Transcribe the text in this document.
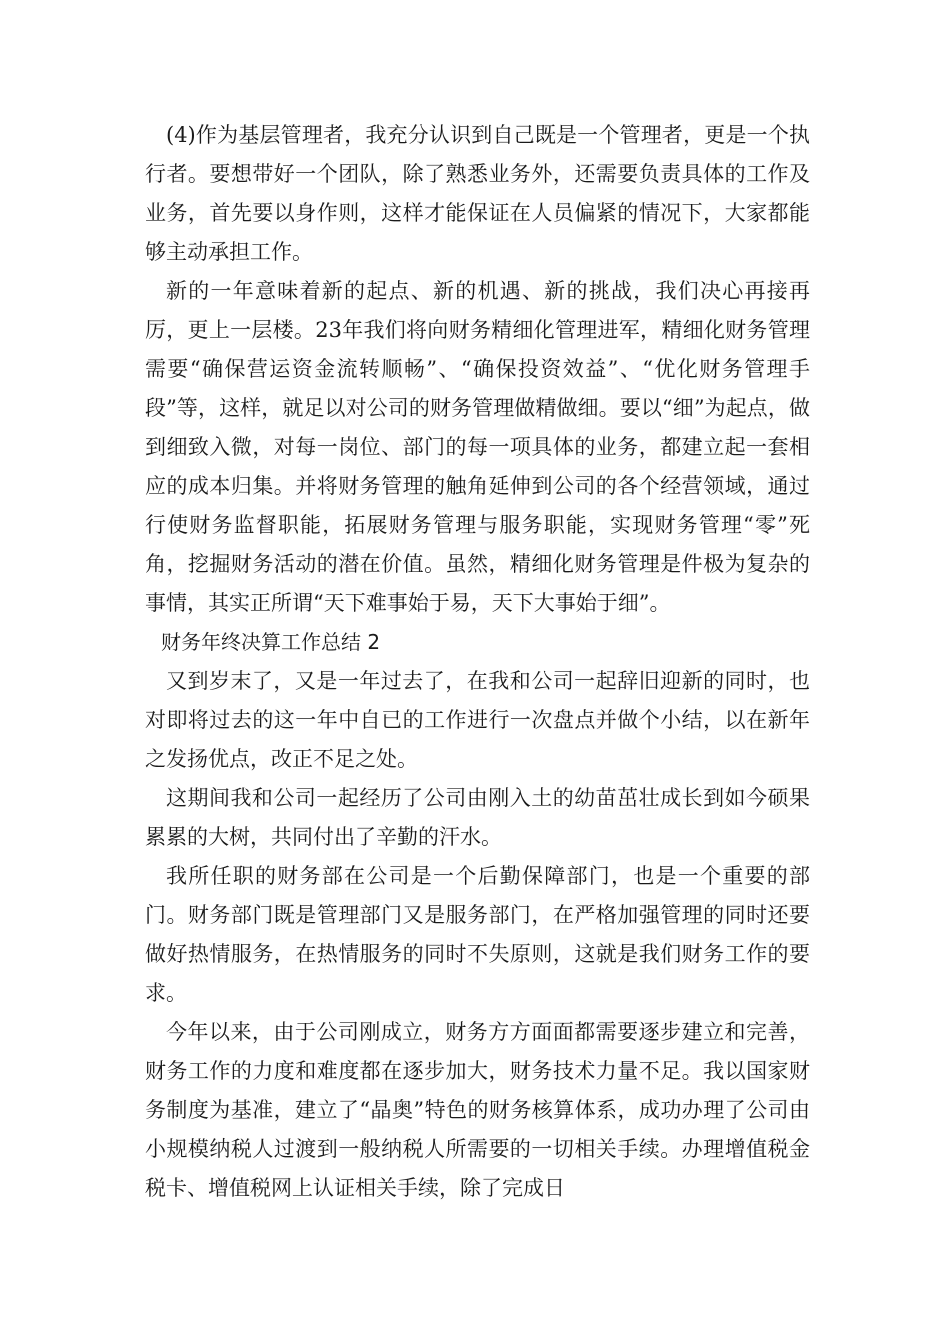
(4)作为基层管理者，我充分认识到自己既是一个管理者，更是一个执行者。要想带好一个团队，除了熟悉业务外，还需要负责具体的工作及业务，首先要以身作则，这样才能保证在人员偏紧的情况下，大家都能够主动承担工作。

新的一年意味着新的起点、新的机遇、新的挑战，我们决心再接再厉，更上一层楼。23年我们将向财务精细化管理进军，精细化财务管理需要“确保营运资金流转顺畅”、“确保投资效益”、“优化财务管理手段”等，这样，就足以对公司的财务管理做精做细。要以“细”为起点，做到细致入微，对每一岗位、部门的每一项具体的业务，都建立起一套相应的成本归集。并将财务管理的触角延伸到公司的各个经营领域，通过行使财务监督职能，拓展财务管理与服务职能，实现财务管理“零”死角，挖掘财务活动的潜在价值。虽然，精细化财务管理是件极为复杂的事情，其实正所谓“天下难事始于易，天下大事始于细”。

财务年终决算工作总结 2

又到岁末了，又是一年过去了，在我和公司一起辞旧迎新的同时，也对即将过去的这一年中自已的工作进行一次盘点并做个小结，以在新年之发扬优点，改正不足之处。

这期间我和公司一起经历了公司由刚入土的幼苗茁壮成长到如今硕果累累的大树，共同付出了辛勤的汗水。

我所任职的财务部在公司是一个后勤保障部门，也是一个重要的部门。财务部门既是管理部门又是服务部门，在严格加强管理的同时还要做好热情服务，在热情服务的同时不失原则，这就是我们财务工作的要求。

今年以来，由于公司刚成立，财务方方面面都需要逐步建立和完善，财务工作的力度和难度都在逐步加大，财务技术力量不足。我以国家财务制度为基准，建立了“晶奥”特色的财务核算体系，成功办理了公司由小规模纳税人过渡到一般纳税人所需要的一切相关手续。办理增值税金税卡、增值税网上认证相关手续，除了完成日
